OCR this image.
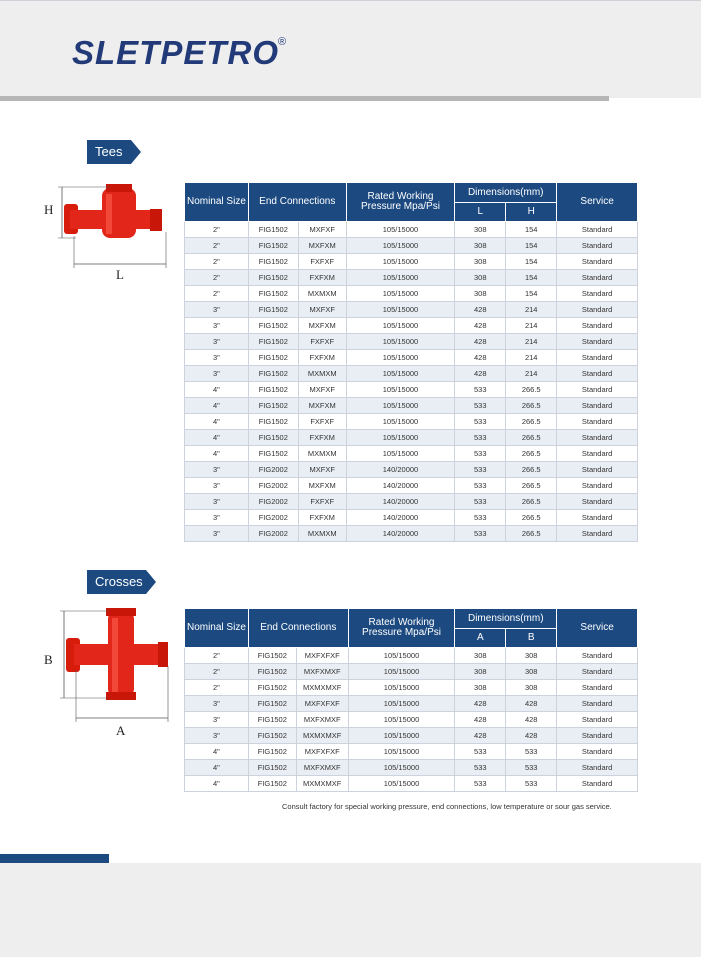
SLETPETRO
®
Tees
H
L
Nominal Size	End Connections		Rated Working Pressure Mpa/Psi	Dimensions(mm)		Service
				L	H	
2"	FIG1502	MXFXF	105/15000	308	154	Standard
2"	FIG1502	MXFXM	105/15000	308	154	Standard
2"	FIG1502	FXFXF	105/15000	308	154	Standard
2"	FIG1502	FXFXM	105/15000	308	154	Standard
2"	FIG1502	MXMXM	105/15000	308	154	Standard
3"	FIG1502	MXFXF	105/15000	428	214	Standard
3"	FIG1502	MXFXM	105/15000	428	214	Standard
3"	FIG1502	FXFXF	105/15000	428	214	Standard
3"	FIG1502	FXFXM	105/15000	428	214	Standard
3"	FIG1502	MXMXM	105/15000	428	214	Standard
4"	FIG1502	MXFXF	105/15000	533	266.5	Standard
4"	FIG1502	MXFXM	105/15000	533	266.5	Standard
4"	FIG1502	FXFXF	105/15000	533	266.5	Standard
4"	FIG1502	FXFXM	105/15000	533	266.5	Standard
4"	FIG1502	MXMXM	105/15000	533	266.5	Standard
3"	FIG2002	MXFXF	140/20000	533	266.5	Standard
3"	FIG2002	MXFXM	140/20000	533	266.5	Standard
3"	FIG2002	FXFXF	140/20000	533	266.5	Standard
3"	FIG2002	FXFXM	140/20000	533	266.5	Standard
3"	FIG2002	MXMXM	140/20000	533	266.5	Standard
Crosses
B
A
Nominal Size	End Connections		Rated Working Pressure Mpa/Psi	Dimensions(mm)		Service
				A	B	
2"	FIG1502	MXFXFXF	105/15000	308	308	Standard
2"	FIG1502	MXFXMXF	105/15000	308	308	Standard
2"	FIG1502	MXMXMXF	105/15000	308	308	Standard
3"	FIG1502	MXFXFXF	105/15000	428	428	Standard
3"	FIG1502	MXFXMXF	105/15000	428	428	Standard
3"	FIG1502	MXMXMXF	105/15000	428	428	Standard
4"	FIG1502	MXFXFXF	105/15000	533	533	Standard
4"	FIG1502	MXFXMXF	105/15000	533	533	Standard
4"	FIG1502	MXMXMXF	105/15000	533	533	Standard
Consult factory for special working pressure, end connections, low temperature or sour gas service.
